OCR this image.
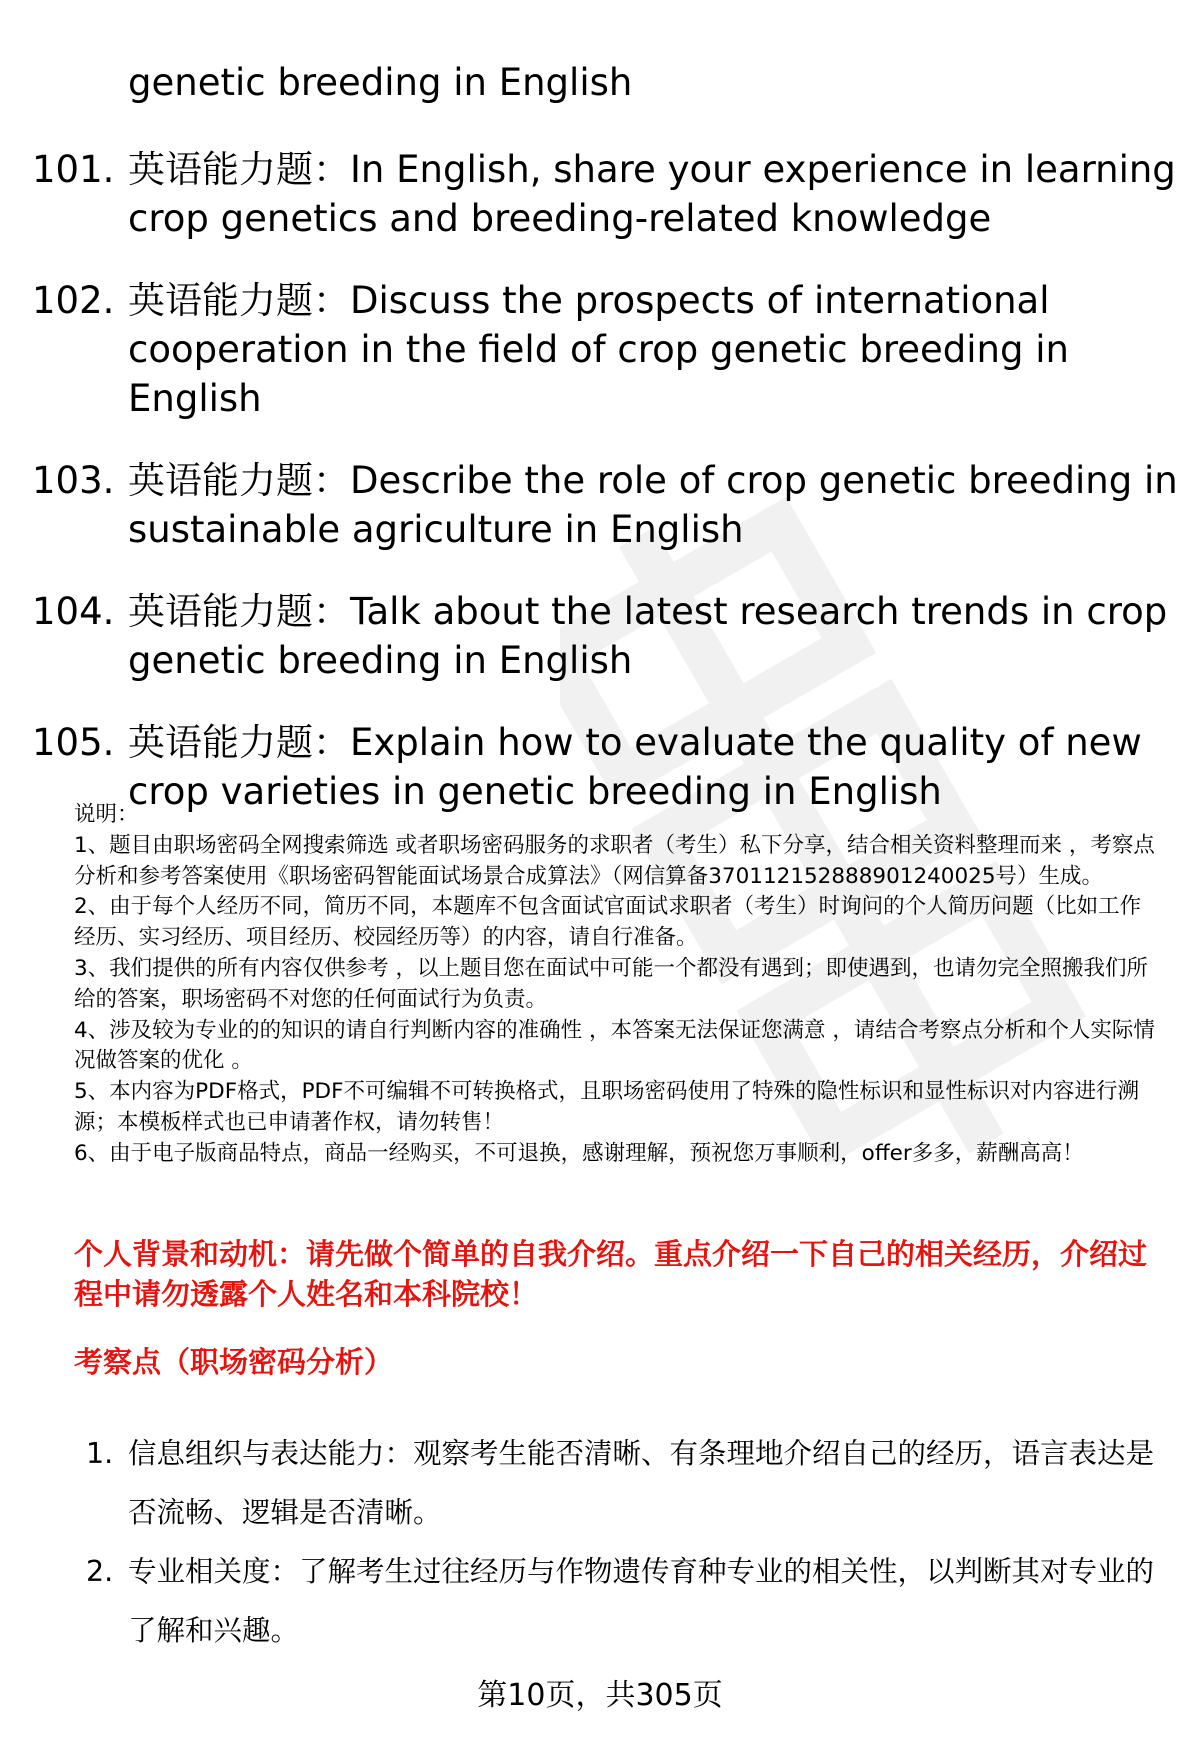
genetic breeding in English
101. 英语能力题：In English, share your experience in learning crop genetics and breeding-related knowledge
102. 英语能力题：Discuss the prospects of international cooperation in the field of crop genetic breeding in English
103. 英语能力题：Describe the role of crop genetic breeding in sustainable agriculture in English
104. 英语能力题：Talk about the latest research trends in crop genetic breeding in English
105. 英语能力题：Explain how to evaluate the quality of new crop varieties in genetic breeding in English

说明：

1、题目由职场密码全网搜索筛选 或者职场密码服务的求职者（考生）私下分享，结合相关资料整理而来 ，考察点分析和参考答案使用《职场密码智能面试场景合成算法》（网信算备370112152888901240025号）生成。

2、由于每个人经历不同，简历不同，本题库不包含面试官面试求职者（考生）时询问的个人简历问题（比如工作经历、实习经历、项目经历、校园经历等）的内容，请自行准备。

3、我们提供的所有内容仅供参考 ，以上题目您在面试中可能一个都没有遇到；即使遇到，也请勿完全照搬我们所给的答案，职场密码不对您的任何面试行为负责。

4、涉及较为专业的的知识的请自行判断内容的准确性 ，本答案无法保证您满意 ，请结合考察点分析和个人实际情况做答案的优化 。

5、本内容为PDF格式，PDF不可编辑不可转换格式，且职场密码使用了特殊的隐性标识和显性标识对内容进行溯源；本模板样式也已申请著作权，请勿转售！

6、由于电子版商品特点，商品一经购买，不可退换，感谢理解，预祝您万事顺利，offer多多，薪酬高高！

个人背景和动机：请先做个简单的自我介绍。重点介绍一下自己的相关经历，介绍过程中请勿透露个人姓名和本科院校！

考察点（职场密码分析）

1. 信息组织与表达能力：观察考生能否清晰、有条理地介绍自己的经历，语言表达是否流畅、逻辑是否清晰。
2. 专业相关度：了解考生过往经历与作物遗传育种专业的相关性，以判断其对专业的了解和兴趣。
第10页，共305页
